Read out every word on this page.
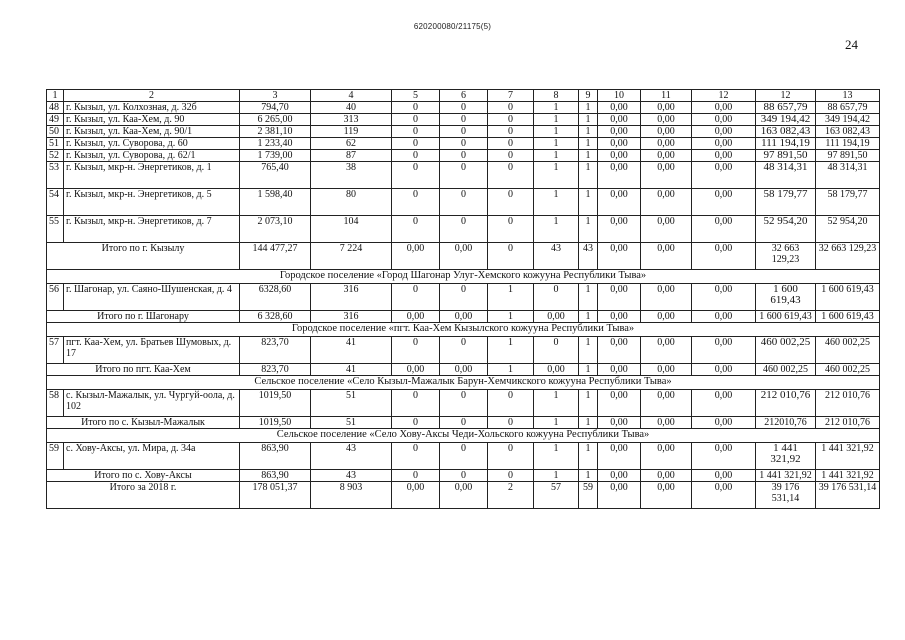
620200080/21175(5)
24
1	2	3	4	5	6	7	8	9	10	11	12	12	13
48	г. Кызыл, ул. Колхозная, д. 32б	794,70	40	0	0	0	1	1	0,00	0,00	0,00	88 657,79	88 657,79
49	г. Кызыл, ул. Каа-Хем, д. 90	6 265,00	313	0	0	0	1	1	0,00	0,00	0,00	349 194,42	349 194,42
50	г. Кызыл, ул. Каа-Хем, д. 90/1	2 381,10	119	0	0	0	1	1	0,00	0,00	0,00	163 082,43	163 082,43
51	г. Кызыл, ул. Суворова, д. 60	1 233,40	62	0	0	0	1	1	0,00	0,00	0,00	111 194,19	111 194,19
52	г. Кызыл, ул. Суворова, д. 62/1	1 739,00	87	0	0	0	1	1	0,00	0,00	0,00	97 891,50	97 891,50
53	г. Кызыл, мкр-н. Энергетиков, д. 1	765,40	38	0	0	0	1	1	0,00	0,00	0,00	48 314,31	48 314,31
54	г. Кызыл, мкр-н. Энергетиков, д. 5	1 598,40	80	0	0	0	1	1	0,00	0,00	0,00	58 179,77	58 179,77
55	г. Кызыл, мкр-н. Энергетиков, д. 7	2 073,10	104	0	0	0	1	1	0,00	0,00	0,00	52 954,20	52 954,20
Итого по г. Кызылу		144 477,27	7 224	0,00	0,00	0	43	43	0,00	0,00	0,00	32 663 129,23	32 663 129,23
Городское поселение «Город Шагонар Улуг-Хемского кожууна Республики Тыва»													
56	г. Шагонар, ул. Саяно-Шушенская, д. 4	6328,60	316	0	0	1	0	1	0,00	0,00	0,00	1 600 619,43	1 600 619,43
Итого по г. Шагонару		6 328,60	316	0,00	0,00	1	0,00	1	0,00	0,00	0,00	1 600 619,43	1 600 619,43
Городское поселение «пгт. Каа-Хем Кызылского кожууна Республики Тыва»													
57	пгт. Каа-Хем, ул. Братьев Шумовых, д. 17	823,70	41	0	0	1	0	1	0,00	0,00	0,00	460 002,25	460 002,25
Итого по пгт. Каа-Хем		823,70	41	0,00	0,00	1	0,00	1	0,00	0,00	0,00	460 002,25	460 002,25
Сельское поселение «Село Кызыл-Мажалык Барун-Хемчикского кожууна Республики Тыва»													
58	с. Кызыл-Мажалык, ул. Чургуй-оола, д. 102	1019,50	51	0	0	0	1	1	0,00	0,00	0,00	212 010,76	212 010,76
Итого по с. Кызыл-Мажалык		1019,50	51	0	0	0	1	1	0,00	0,00	0,00	212010,76	212 010,76
Сельское поселение «Село Хову-Аксы Чеди-Хольского кожууна Республики Тыва»													
59	с. Хову-Аксы, ул. Мира, д. 34а	863,90	43	0	0	0	1	1	0,00	0,00	0,00	1 441 321,92	1 441 321,92
Итого по с. Хову-Аксы		863,90	43	0	0	0	1	1	0,00	0,00	0,00	1 441 321,92	1 441 321,92
Итого за 2018 г.		178 051,37	8 903	0,00	0,00	2	57	59	0,00	0,00	0,00	39 176 531,14	39 176 531,14
